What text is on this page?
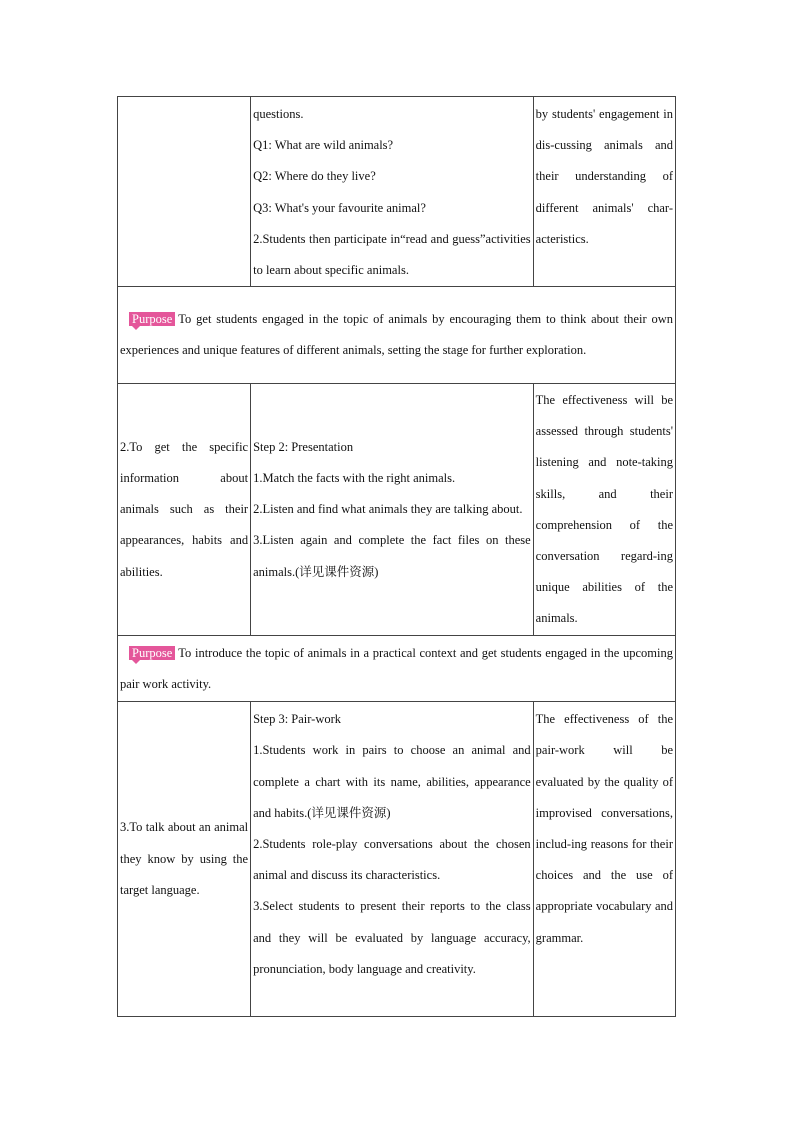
	questions.

Q1: What are wild animals?

Q2: Where do they live?

Q3: What's your favourite animal?

2.Students then participate in“read and guess”activities to learn about specific animals.	by students' engagement in dis-cussing animals and their understanding of different animals' char-acteristics.

Purpose To get students engaged in the topic of animals by encouraging them to think about their own experiences and unique features of different animals, setting the stage for further exploration.		

2.To get the specific information about animals such as their appearances, habits and abilities.	Step 2: Presentation

1.Match the facts with the right animals.

2.Listen and find what animals they are talking about.

3.Listen again and complete the fact files on these animals.(详见课件资源)	The effectiveness will be assessed through students' listening and note-taking skills, and their comprehension of the conversation regard-ing unique abilities of the animals.

Purpose To introduce the topic of animals in a practical context and get students engaged in the upcoming pair work activity.		

3.To talk about an animal they know by using the target language.	Step 3: Pair-work

1.Students work in pairs to choose an animal and complete a chart with its name, abilities, appearance and habits.(详见课件资源)

2.Students role-play conversations about the chosen animal and discuss its characteristics.

3.Select students to present their reports to the class and they will be evaluated by language accuracy, pronunciation, body language and creativity.	The effectiveness of the pair-work will be evaluated by the quality of improvised conversations, includ-ing reasons for their choices and the use of appropriate vocabulary and grammar.
